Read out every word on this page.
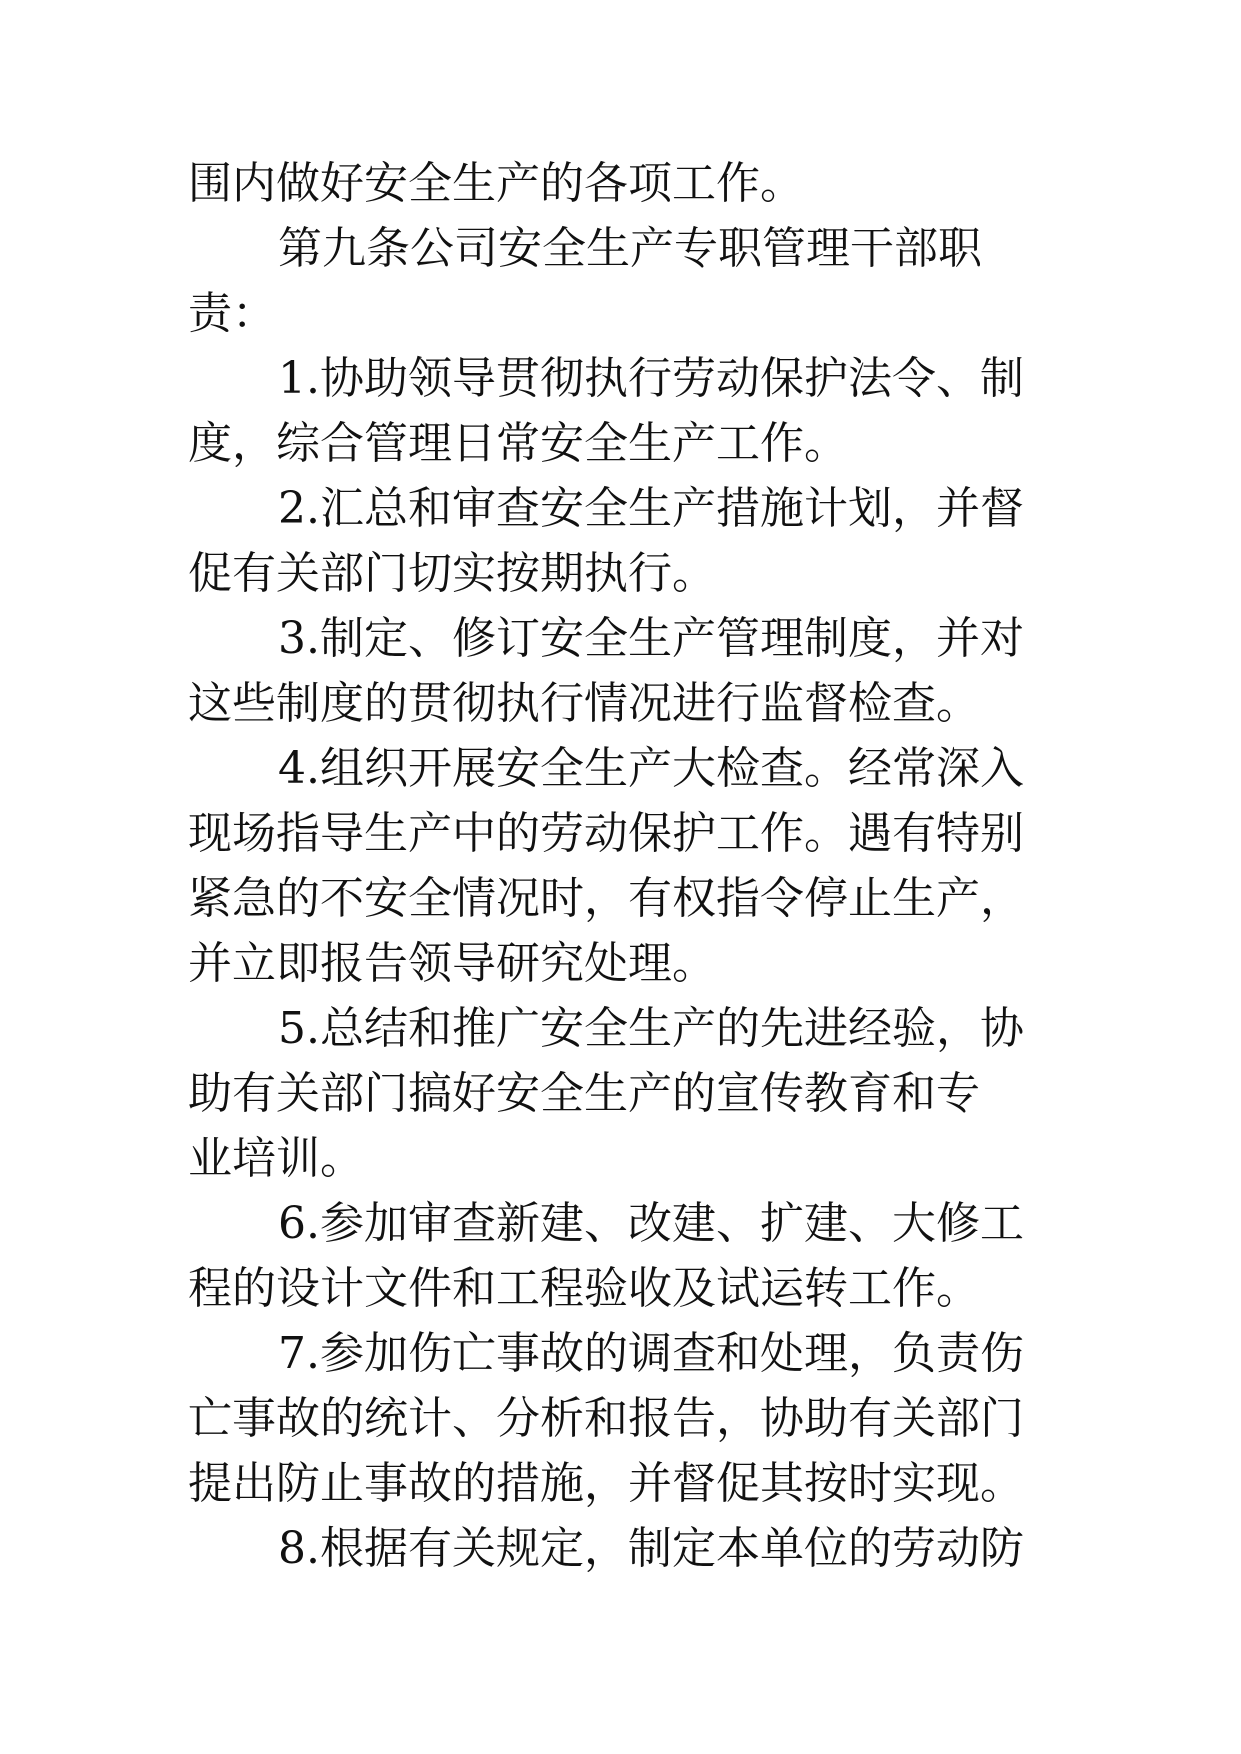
围内做好安全生产的各项工作。
第九条公司安全生产专职管理干部职
责：
1.协助领导贯彻执行劳动保护法令、制
度，综合管理日常安全生产工作。
2.汇总和审查安全生产措施计划，并督
促有关部门切实按期执行。
3.制定、修订安全生产管理制度，并对
这些制度的贯彻执行情况进行监督检查。
4.组织开展安全生产大检查。经常深入
现场指导生产中的劳动保护工作。遇有特别
紧急的不安全情况时，有权指令停止生产，
并立即报告领导研究处理。
5.总结和推广安全生产的先进经验，协
助有关部门搞好安全生产的宣传教育和专
业培训。
6.参加审查新建、改建、扩建、大修工
程的设计文件和工程验收及试运转工作。
7.参加伤亡事故的调查和处理，负责伤
亡事故的统计、分析和报告，协助有关部门
提出防止事故的措施，并督促其按时实现。
8.根据有关规定，制定本单位的劳动防
